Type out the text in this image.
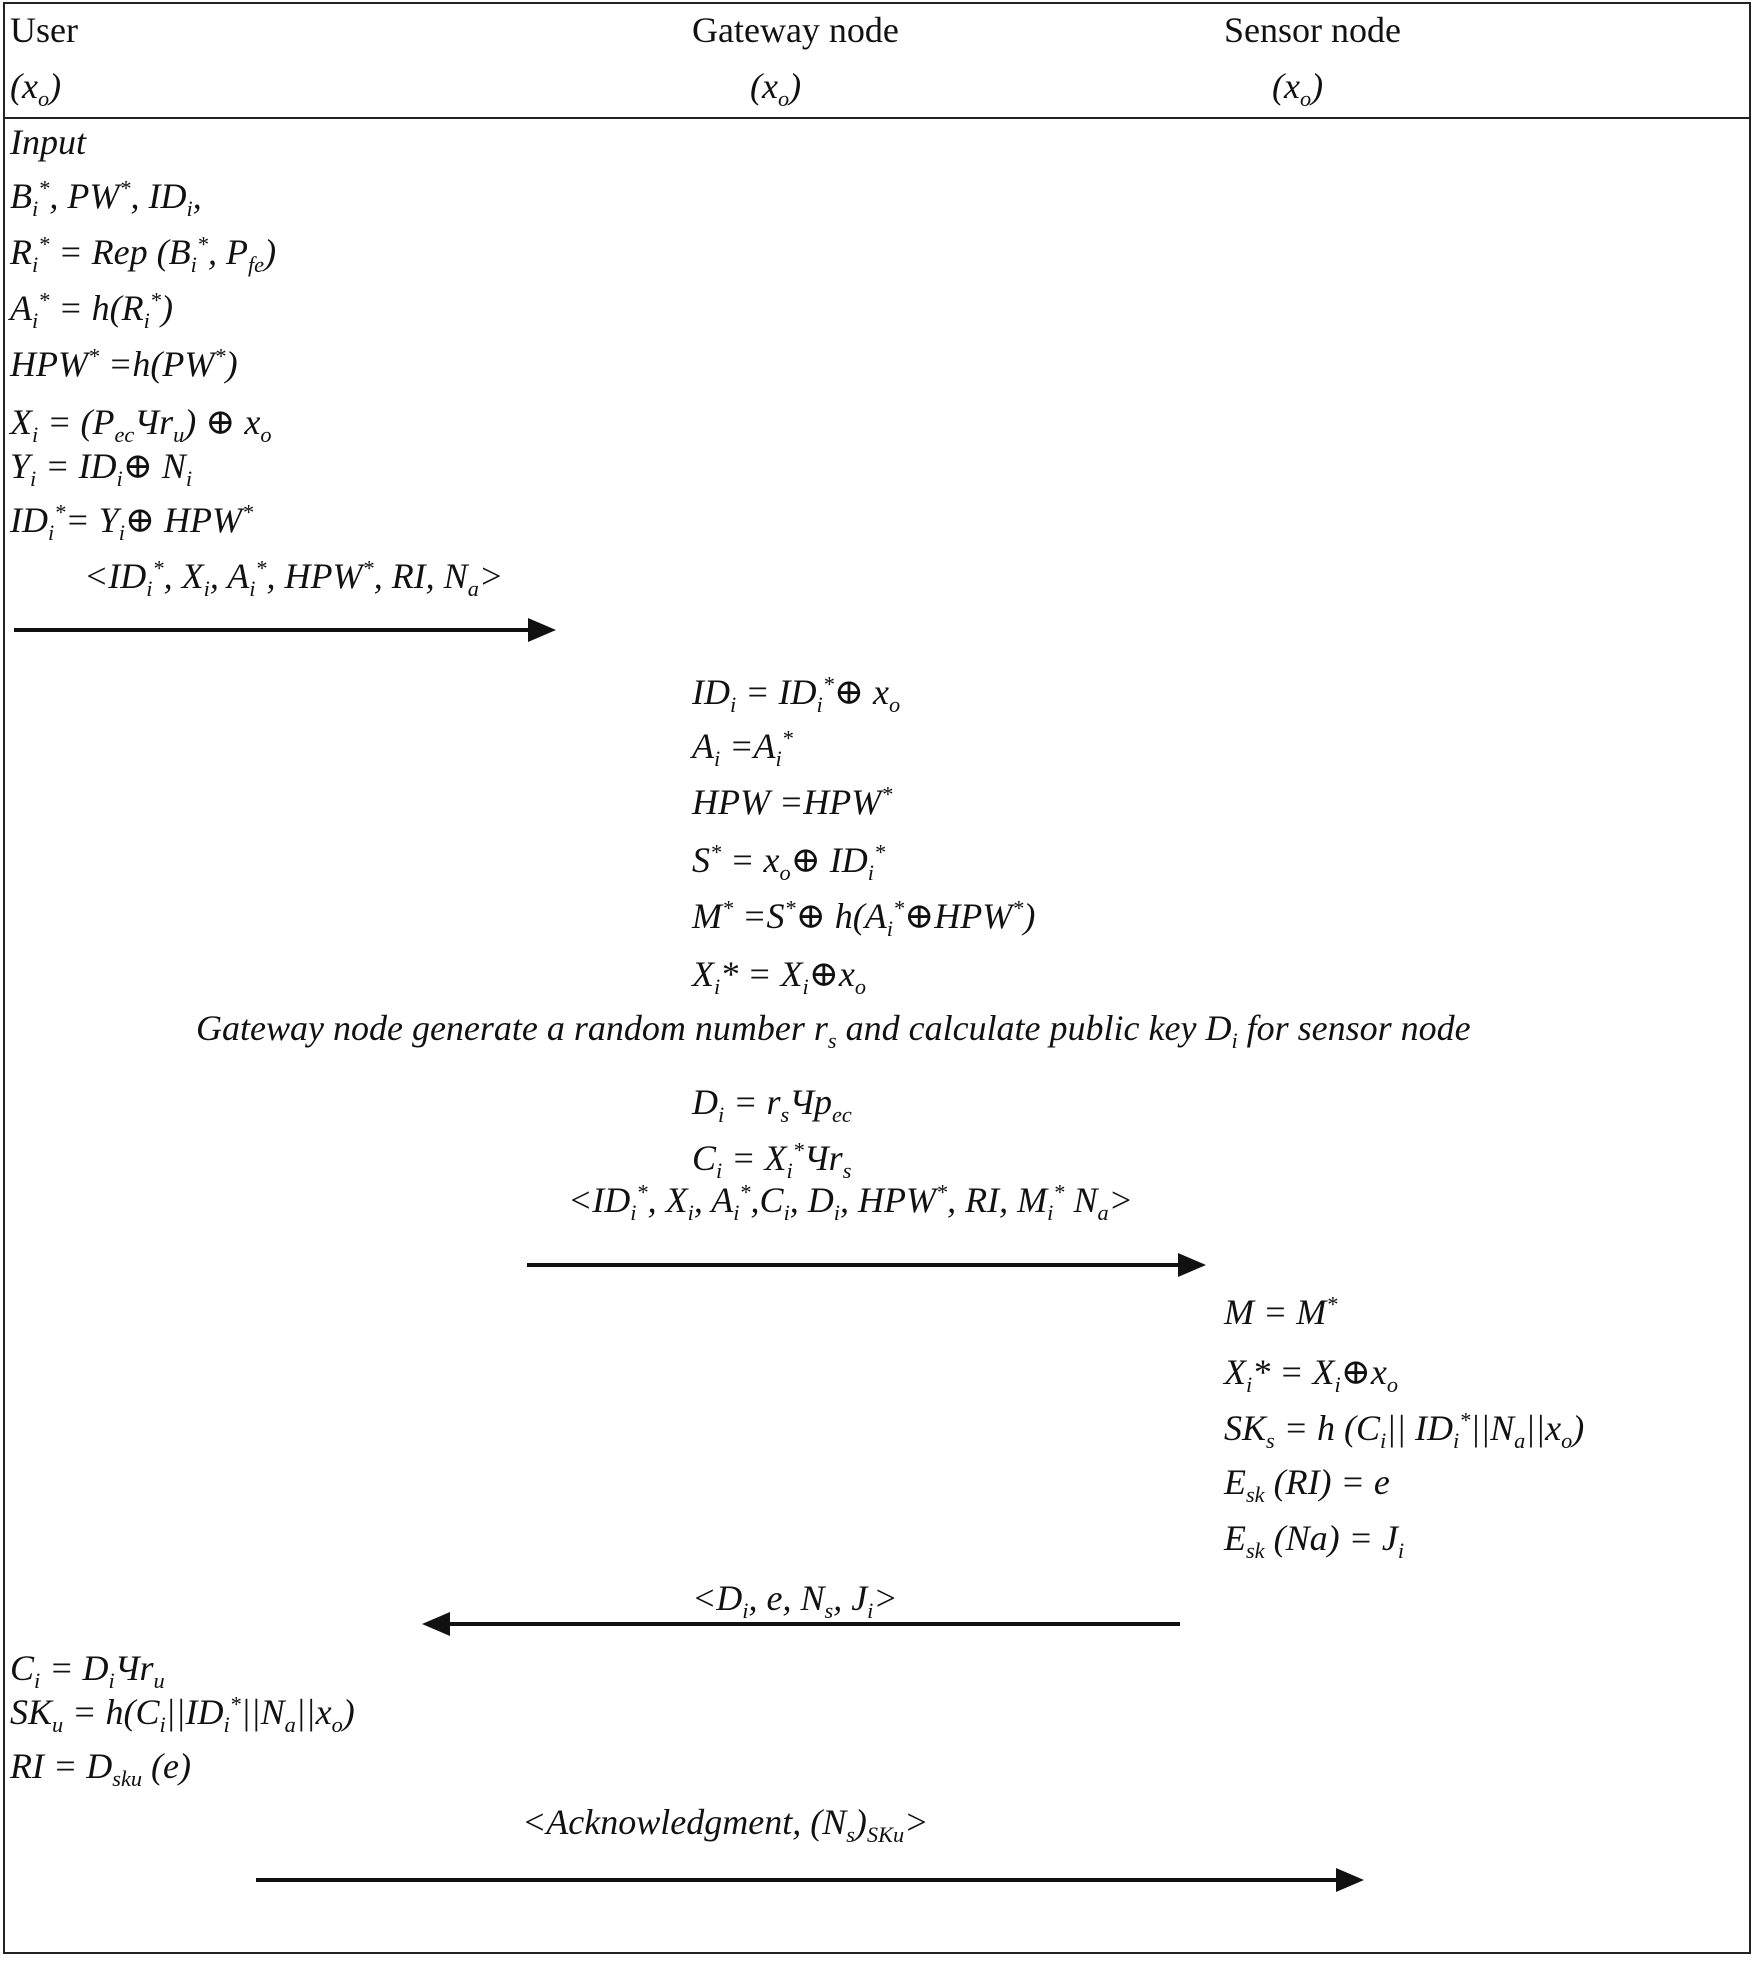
User	Gateway node	Sensor node
$(x_o)$	$(x_o)$	$(x_o)$
Input
$B_i^*$, PW*, $ID_i$,
$R_i^*$ = Rep ($B_i^*$, $P_{fe}$)
$A_i^* = h(R_i^*)$
HPW* =h(PW*)
$X_i = (P_{ec}Чr_u)$ ⊕ $x_o$
$Y_i$ = $ID_i\oplus$ $N_i$
$ID_i^*=$ $Y_i\oplus$ HPW*
$<ID_i^*$, $X_i$, $A_i^*$, HPW*, RI, $N_a>$
$ID_i$ = $ID_i^*\oplus$ $x_o$
$A_i =A_i^*$
HPW =HPW*
$S^* = x_o\oplus$ $ID_i^*$
M* =S*⊕ $h(A_i^*\oplus HPW^*)$
$X_i*$ = $X_i\oplus x_o$
Gateway node generate a random number $r_s$ and calculate public key $D_i$ for sensor node
$D_i = r_sЧp_{ec}$
$C_i = X_i^*Чr_s$
$<ID_i^*$, $X_i$, $A_i^*,C_i$, $D_i$, HPW*, RI, $M_i^*$ $N_a>$
M = M*
$X_i*$ = $X_i\oplus x_o$
$SK_s = h$ ($C_i||$ $ID_i^*||N_a||x_o$)
$E_{sk}$ (RI) = e
$E_{sk}$ $(Na) = J_i$
$<D_i$, e, $N_s$, $J_i>$
$C_i = D_iЧr_u$
$SK_u = h(C_i||ID_i^*||N_a||x_o)$
RI = $D_{sku}$ (e)
<Acknowledgment, $(N_s)_{SKu}>$
